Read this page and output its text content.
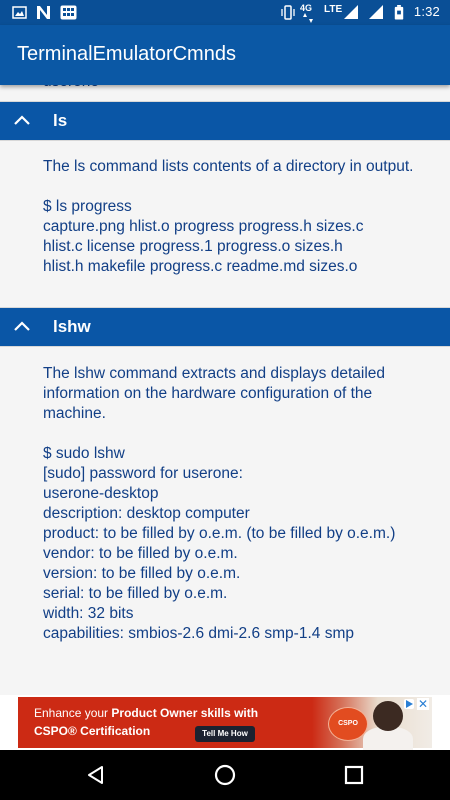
4G LTE	1:32
TerminalEmulatorCmnds
ls
The ls command lists contents of a directory in output.
$ ls progress
capture.png hlist.o progress progress.h sizes.c
hlist.c license progress.1 progress.o sizes.h
hlist.h makefile progress.c readme.md sizes.o
lshw
The lshw command extracts and displays detailed information on the hardware configuration of the machine.
$ sudo lshw
[sudo] password for userone:
userone-desktop
description: desktop computer
product: to be filled by o.e.m. (to be filled by o.e.m.)
vendor: to be filled by o.e.m.
version: to be filled by o.e.m.
serial: to be filled by o.e.m.
width: 32 bits
capabilities: smbios-2.6 dmi-2.6 smp-1.4 smp
CSPO
Enhance your Product Owner skills with
CSPO® Certification	Tell Me How
✕
